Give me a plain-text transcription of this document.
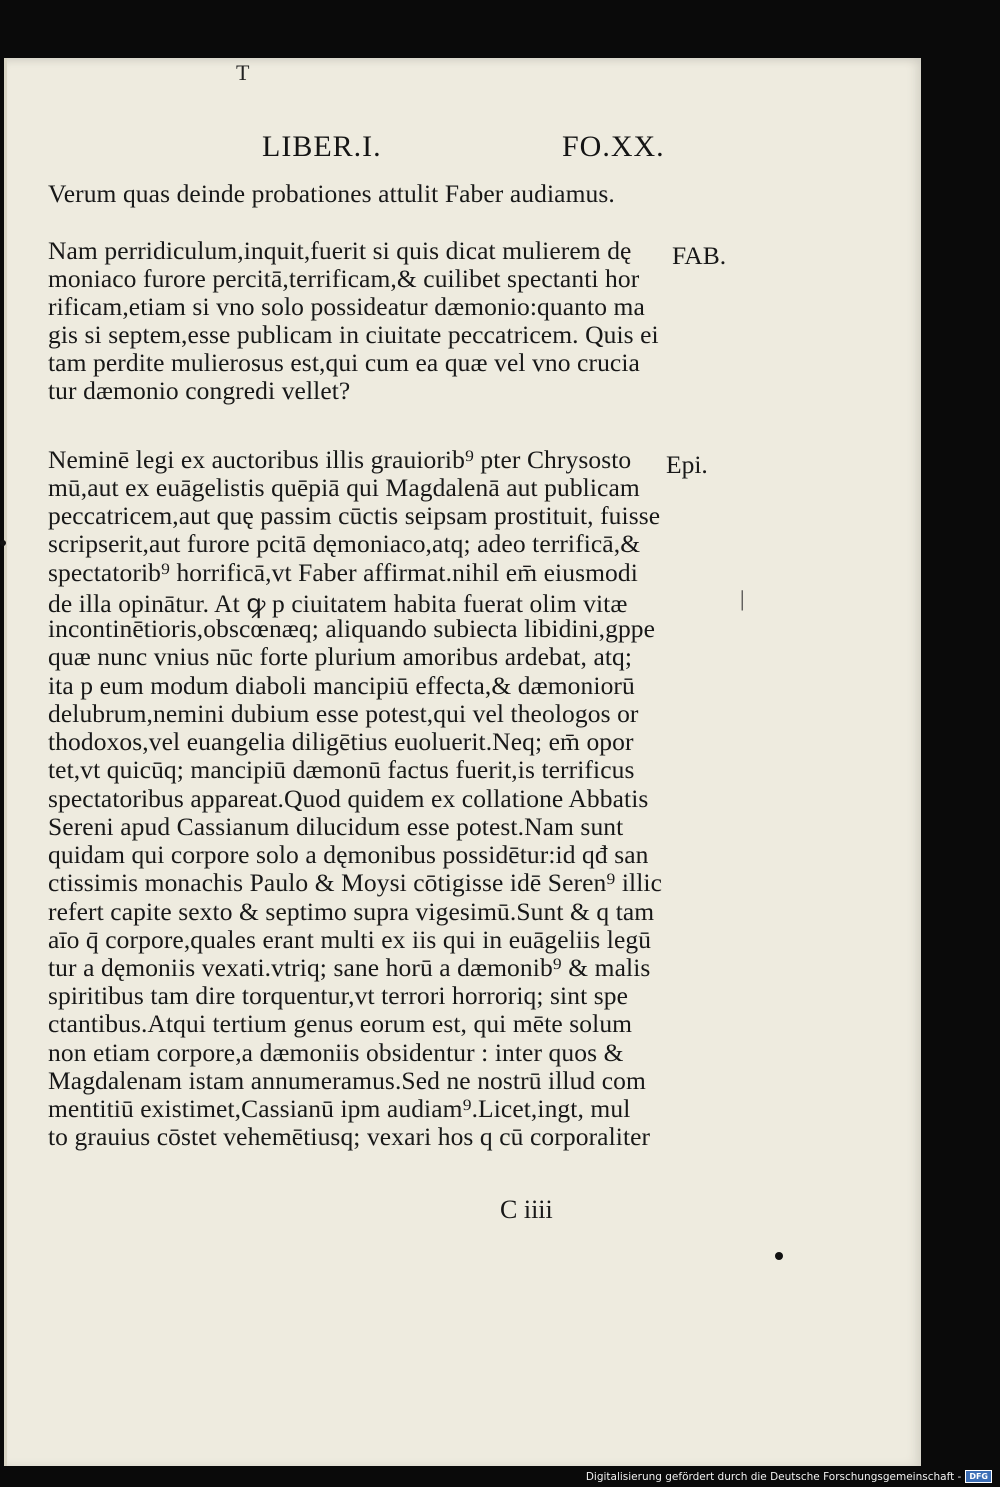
T
LIBER.I.	FO.XX.
Verum quas deinde probationes attulit Faber audiamus.
Nam perridiculum,inquit,fuerit si quis dicat mulierem dę
moniaco furore percitā,terrificam,& cuilibet spectanti hor
rificam,etiam si vno solo possideatur dæmonio:quanto ma
gis si septem,esse publicam in ciuitate peccatricem. Quis ei
tam perdite mulierosus est,qui cum ea quæ vel vno crucia
tur dæmonio congredi vellet?
Neminē legi ex auctoribus illis grauiorib⁹ pter Chrysosto
mū,aut ex euāgelistis quēpiā qui Magdalenā aut publicam
peccatricem,aut quę passim cūctis seipsam prostituit, fuisse
scripserit,aut furore pcitā dęmoniaco,atq; adeo terrificā,&
spectatorib⁹ horrificā,vt Faber affirmat.nihil em̄ eiusmodi
de illa opinātur. At ꝙ p ciuitatem habita fuerat olim vitæ
incontinētioris,obscœnæq; aliquando subiecta libidini,gppe
quæ nunc vnius nūc forte plurium amoribus ardebat, atq;
ita p eum modum diaboli mancipiū effecta,& dæmoniorū
delubrum,nemini dubium esse potest,qui vel theologos or
thodoxos,vel euangelia diligētius euoluerit.Neq; em̄ opor
tet,vt quicūq; mancipiū dæmonū factus fuerit,is terrificus
spectatoribus appareat.Quod quidem ex collatione Abbatis
Sereni apud Cassianum dilucidum esse potest.Nam sunt
quidam qui corpore solo a dęmonibus possidētur:id qđ san
ctissimis monachis Paulo & Moysi cōtigisse idē Seren⁹ illic
refert capite sexto & septimo supra vigesimū.Sunt & q tam
aīo q̄ corpore,quales erant multi ex iis qui in euāgeliis legū
tur a dęmoniis vexati.vtriq; sane horū a dæmonib⁹ & malis
spiritibus tam dire torquentur,vt terrori horroriq; sint spe
ctantibus.Atqui tertium genus eorum est, qui mēte solum
non etiam corpore,a dæmoniis obsidentur : inter quos &
Magdalenam istam annumeramus.Sed ne nostrū illud com
mentitiū existimet,Cassianū ipm audiam⁹.Licet,ingt, mul
to grauius cōstet vehemētiusq; vexari hos q cū corporaliter
FAB.
Epi.
C iiii
|
Digitalisierung gefördert durch die Deutsche Forschungsgemeinschaft -	DFG
